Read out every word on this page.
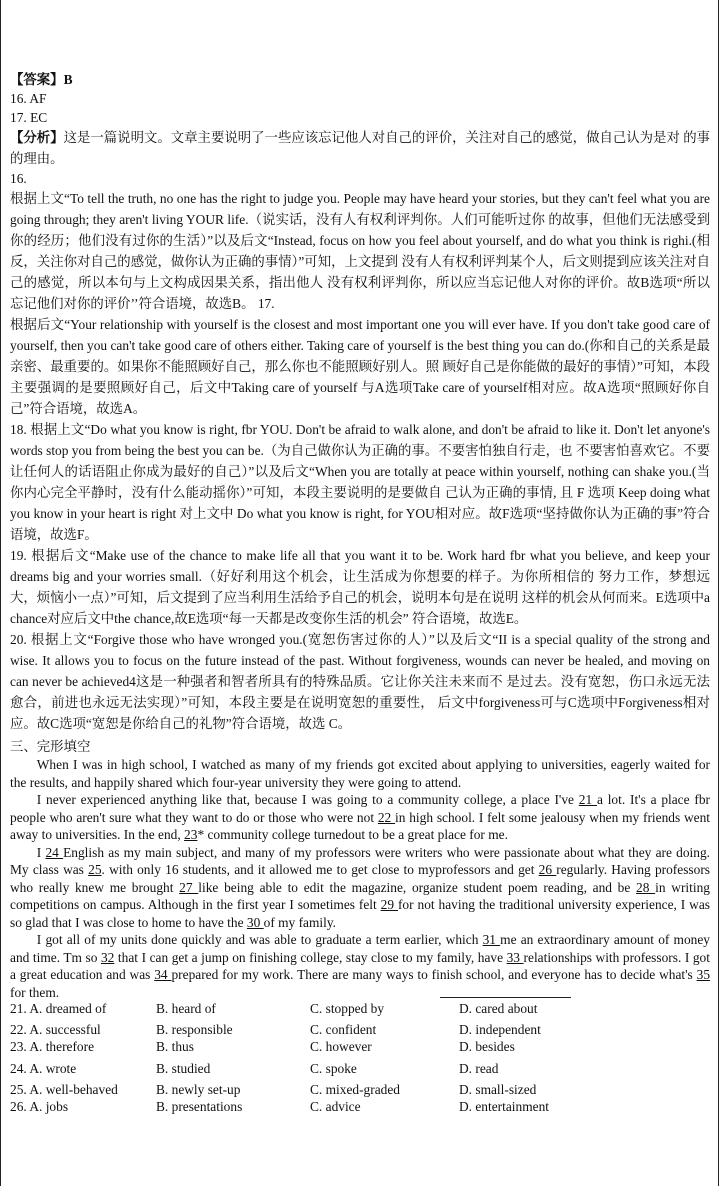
【答案】B

16. AF

17. EC

【分析】这是一篇说明文。文章主要说明了一些应该忘记他人对自己的评价，关注对自己的感觉，做自己认为是对 的事的理由。

16.

根据上文“To tell the truth, no one has the right to judge you. People may have heard your stories, but they can't feel what you are going through; they aren't living YOUR life.（说实话，没有人有权利评判你。人们可能听过你 的故事，但他们无法感受到你的经历；他们没有过你的生活）”以及后文“Instead, focus on how you feel about yourself, and do what you think is righi.(相反，关注你对自己的感觉，做你认为正确的事情）”可知，上文提到 没有人有权利评判某个人，后文则提到应该关注对自己的感觉，所以本句与上文构成因果关系，指出他人 没有权利评判你，所以应当忘记他人对你的评价。故B选项“所以忘记他们对你的评价’’符合语境，故选B。 17.

根据后文“Your relationship with yourself is the closest and most important one you will ever have. If you don't take good care of yourself, then you can't take good care of others either. Taking care of yourself is the best thing you can do.(你和自己的关系是最亲密、最重要的。如果你不能照顾好自己，那么你也不能照顾好别人。照 顾好自己是你能做的最好的事情）”可知，本段主要强调的是要照顾好自己，后文中Taking care of yourself 与A选项Take care of yourself相对应。故A选项“照顾好你自己”符合语境，故选A。

18. 根据上文“Do what you know is right, fbr YOU. Don't be afraid to walk alone, and don't be afraid to like it. Don't let anyone's words stop you from being the best you can be.（为自己做你认为正确的事。不要害怕独自行走，也 不要害怕喜欢它。不要让任何人的话语阻止你成为最好的自己）”以及后文“When you are totally at peace within yourself, nothing can shake you.(当你内心完全平静时，没有什么能动摇你）”可知，本段主要说明的是要做自 己认为正确的事情, 且 F 选项 Keep doing what you know in your heart is right 对上文中 Do what you know is right, for YOU相对应。故F选项“坚持做你认为正确的事”符合语境，故选F。

19. 根据后文“Make use of the chance to make life all that you want it to be. Work hard fbr what you believe, and keep your dreams big and your worries small.（好好利用这个机会，让生活成为你想要的样子。为你所相信的 努力工作，梦想远大，烦恼小一点）”可知，后文提到了应当利用生活给予自己的机会，说明本句是在说明 这样的机会从何而来。E选项中a chance对应后文中the chance,故E选项“每一天都是改变你生活的机会” 符合语境，故选E。

20. 根据上文“Forgive those who have wronged you.(宽恕伤害过你的人）”以及后文“II is a special quality of the strong and wise. It allows you to focus on the future instead of the past. Without forgiveness, wounds can never be healed, and moving on can never be achieved4这是一种强者和智者所具有的特殊品质。它让你关注未来而不 是过去。没有宽恕，伤口永远无法愈合，前进也永远无法实现）”可知，本段主要是在说明宽恕的重要性， 后文中forgiveness可与C选项中Forgiveness相对应。故C选项“宽恕是你给自己的礼物”符合语境，故选 C。

三、完形填空

When I was in high school, I watched as many of my friends got excited about applying to universities, eagerly waited for the results, and happily shared which four-year university they were going to attend.

I never experienced anything like that, because I was going to a community college, a place I've 21 a lot. It's a place fbr people who aren't sure what they want to do or those who were not 22 in high school. I felt some jealousy when my friends went away to universities. In the end, 23* community college turnedout to be a great place for me.

I 24 English as my main subject, and many of my professors were writers who were passionate about what they are doing. My class was 25. with only 16 students, and it allowed me to get close to myprofessors and get 26 regularly. Having professors who really knew me brought 27 like being able to edit the magazine, organize student poem reading, and be 28 in writing competitions on campus. Although in the first year I sometimes felt 29 for not having the traditional university experience, I was so glad that I was close to home to have the 30 of my family.

I got all of my units done quickly and was able to graduate a term earlier, which 31 me an extraordinary amount of money and time. Tm so 32 that I can get a jump on finishing college, stay close to my family, have 33 relationships with professors. I got a great education and was 34 prepared for my work. There are many ways to finish school, and everyone has to decide what's 35 for them.

21. A. dreamed of	B. heard of	C. stopped by	D. cared about
22. A. successful	B. responsible	C. confident	D. independent
23. A. therefore	B. thus	C. however	D. besides
24. A. wrote	B. studied	C. spoke	D. read
25. A. well-behaved	B. newly set-up	C. mixed-graded	D. small-sized
26. A. jobs	B. presentations	C. advice	D. entertainment
